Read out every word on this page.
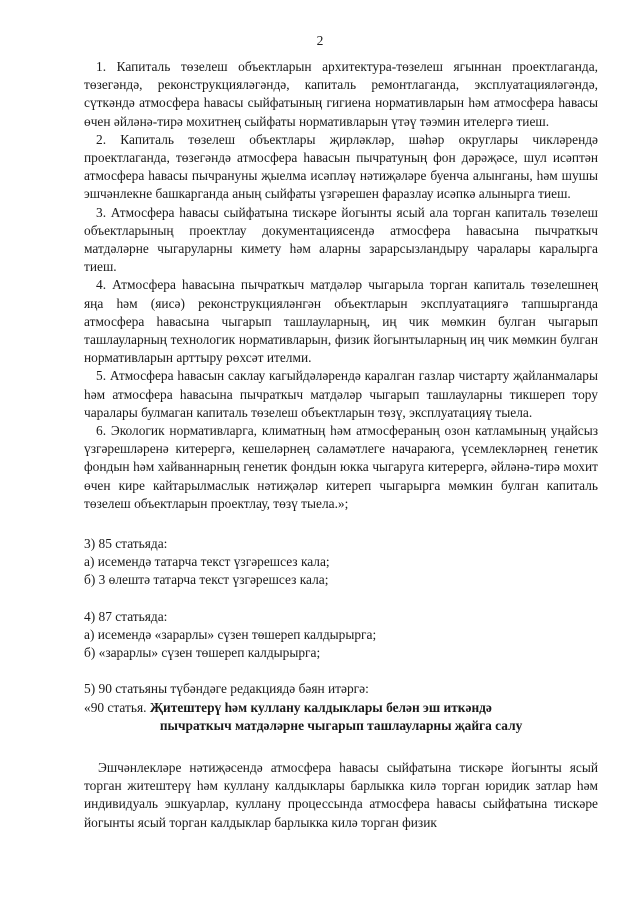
2

1. Капиталь төзелеш объектларын архитектура-төзелеш ягыннан проектлаганда, төзегәндә, реконструкцияләгәндә, капиталь ремонтлаганда, эксплуатацияләгәндә, сүткәндә атмосфера һавасы сыйфатының гигиена нормативларын һәм атмосфера һавасы өчен әйләнә-тирә мохитнең сыйфаты нормативларын үтәү тәэмин ителергә тиеш.

2. Капиталь төзелеш объектлары җирләкләр, шәһәр округлары чикләрендә проектлаганда, төзегәндә атмосфера һавасын пычратуның фон дәрәҗәсе, шул исәптән атмосфера һавасы пычрануны җыелма исәпләү нәтиҗәләре буенча алынганы, һәм шушы эшчәнлекне башкарганда аның сыйфаты үзгәрешен фаразлау исәпкә алынырга тиеш.

3. Атмосфера һавасы сыйфатына тискәре йогынты ясый ала торган капиталь төзелеш объектларының проектлау документациясендә атмосфера һавасына пычраткыч матдәләрне чыгаруларны кимету һәм аларны зарарсызландыру чаралары каралырга тиеш.

4. Атмосфера һавасына пычраткыч матдәләр чыгарыла торган капиталь төзелешнең яңа һәм (яисә) реконструкцияләнгән объектларын эксплуатациягә тапшырганда атмосфера һавасына чыгарып ташлауларның, иң чик мөмкин булган чыгарып ташлауларның технологик нормативларын, физик йогынтыларның иң чик мөмкин булган нормативларын арттыру рөхсәт ителми.

5. Атмосфера һавасын саклау кагыйдәләрендә каралган газлар чистарту җайланмалары һәм атмосфера һавасына пычраткыч матдәләр чыгарып ташлауларны тикшереп тору чаралары булмаган капиталь төзелеш объектларын төзү, эксплуатацияү тыела.

6. Экологик нормативларга, климатның һәм атмосфераның озон катламының уңайсыз үзгәрешләренә китерергә, кешеләрнең сәламәтлеге начараюга, үсемлекләрнең генетик фондын һәм хайваннарның генетик фондын юкка чыгаруга китерергә, әйләнә-тирә мохит өчен кире кайтарылмаслык нәтиҗәләр китереп чыгарырга мөмкин булган капиталь төзелеш объектларын проектлау, төзү тыела.»;

3) 85 статьяда:

а) исемендә татарча текст үзгәрешсез кала;

б) 3 өлештә татарча текст үзгәрешсез кала;

4) 87 статьяда:

а) исемендә «зарарлы» сүзен төшереп калдырырга;

б) «зарарлы» сүзен төшереп калдырырга;

5) 90 статьяны түбәндәге редакциядә бәян итәргә:

«90 статья. Җитештерү һәм куллану калдыклары белән эш иткәндә
пычраткыч матдәләрне чыгарып ташлауларны җайга салу

Эшчәнлекләре нәтиҗәсендә атмосфера һавасы сыйфатына тискәре йогынты ясый торган житештерү һәм куллану калдыклары барлыкка килә торган юридик затлар һәм индивидуаль эшкуарлар, куллану процессында атмосфера һавасы сыйфатына тискәре йогынты ясый торган калдыклар барлыкка килә торган физик
